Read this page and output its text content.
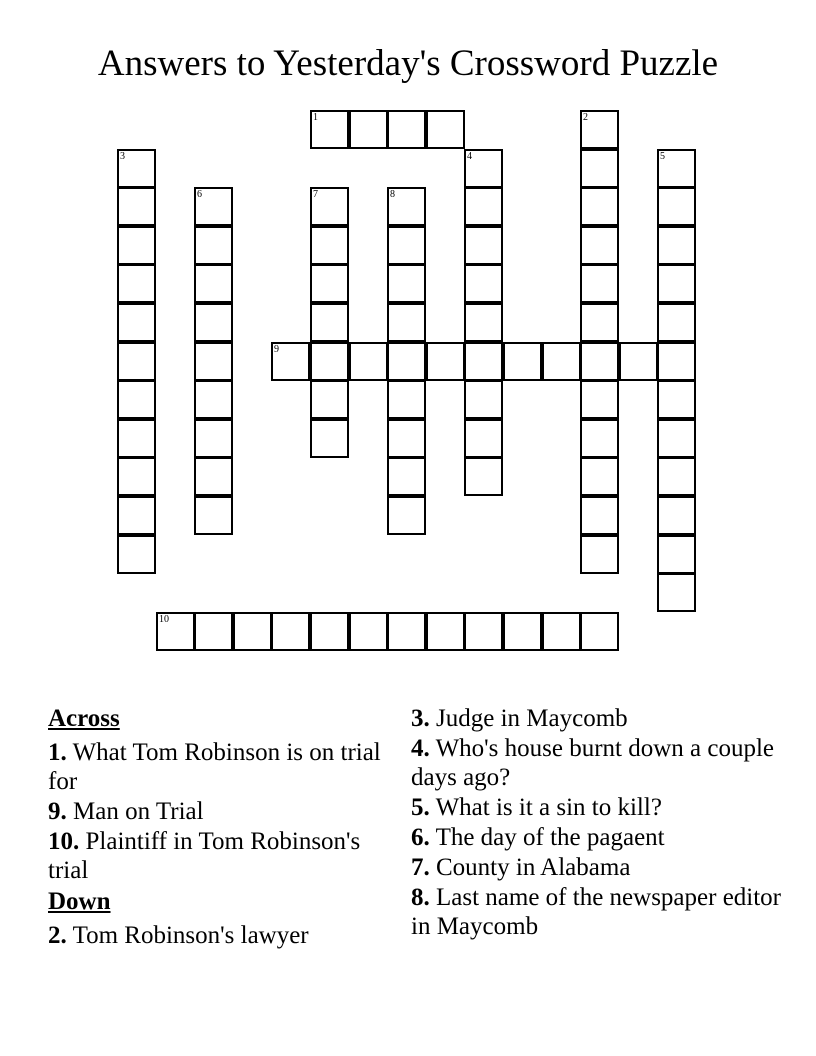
Answers to Yesterday's Crossword Puzzle
1	2
3	4	5
6	7	8
9
10
Across
1. What Tom Robinson is on trial for
9. Man on Trial
10. Plaintiff in Tom Robinson's trial
Down
2. Tom Robinson's lawyer
3. Judge in Maycomb
4. Who's house burnt down a couple days ago?
5. What is it a sin to kill?
6. The day of the pagaent
7. County in Alabama
8. Last name of the newspaper editor in Maycomb
